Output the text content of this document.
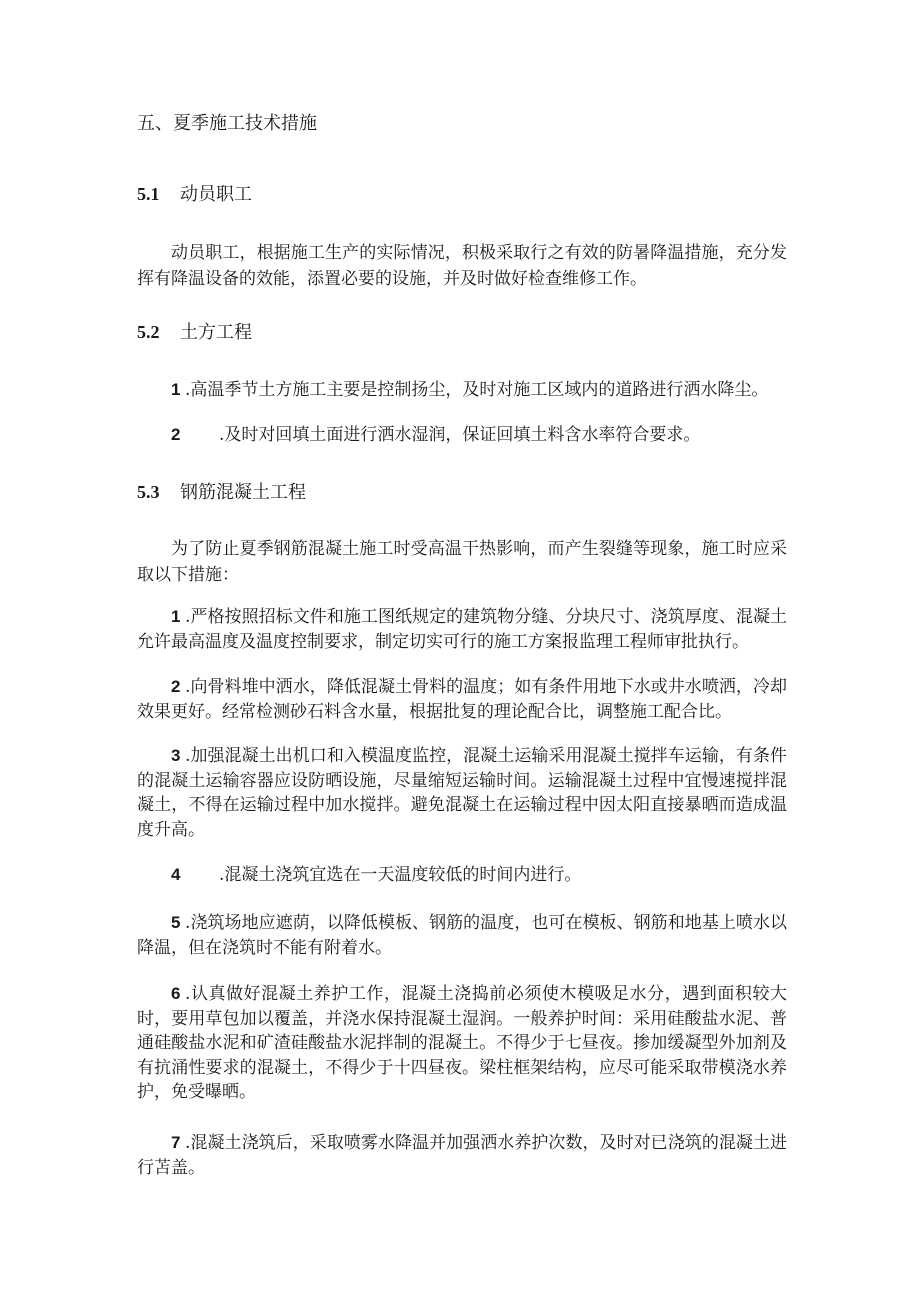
五、夏季施工技术措施
5.1 动员职工
动员职工，根据施工生产的实际情况，积极采取行之有效的防暑降温措施，充分发挥有降温设备的效能，添置必要的设施，并及时做好检查维修工作。
5.2 土方工程
1 .高温季节土方施工主要是控制扬尘，及时对施工区域内的道路进行洒水降尘。
2 .及时对回填土面进行洒水湿润，保证回填土料含水率符合要求。
5.3 钢筋混凝土工程
为了防止夏季钢筋混凝土施工时受高温干热影响，而产生裂缝等现象，施工时应采取以下措施：
1 .严格按照招标文件和施工图纸规定的建筑物分缝、分块尺寸、浇筑厚度、混凝土允许最高温度及温度控制要求，制定切实可行的施工方案报监理工程师审批执行。
2 .向骨料堆中洒水，降低混凝土骨料的温度；如有条件用地下水或井水喷洒，冷却效果更好。经常检测砂石料含水量，根据批复的理论配合比，调整施工配合比。
3 .加强混凝土出机口和入模温度监控，混凝土运输采用混凝土搅拌车运输，有条件的混凝土运输容器应设防晒设施，尽量缩短运输时间。运输混凝土过程中宜慢速搅拌混凝土，不得在运输过程中加水搅拌。避免混凝土在运输过程中因太阳直接暴晒而造成温度升高。
4 .混凝土浇筑宜选在一天温度较低的时间内进行。
5 .浇筑场地应遮荫，以降低模板、钢筋的温度，也可在模板、钢筋和地基上喷水以降温，但在浇筑时不能有附着水。
6 .认真做好混凝土养护工作，混凝土浇捣前必须使木模吸足水分，遇到面积较大时，要用草包加以覆盖，并浇水保持混凝土湿润。一般养护时间：采用硅酸盐水泥、普通硅酸盐水泥和矿渣硅酸盐水泥拌制的混凝土。不得少于七昼夜。掺加缓凝型外加剂及有抗涌性要求的混凝土，不得少于十四昼夜。梁柱框架结构，应尽可能采取带模浇水养护，免受曝晒。
7 .混凝土浇筑后，采取喷雾水降温并加强洒水养护次数，及时对已浇筑的混凝土进行苫盖。
